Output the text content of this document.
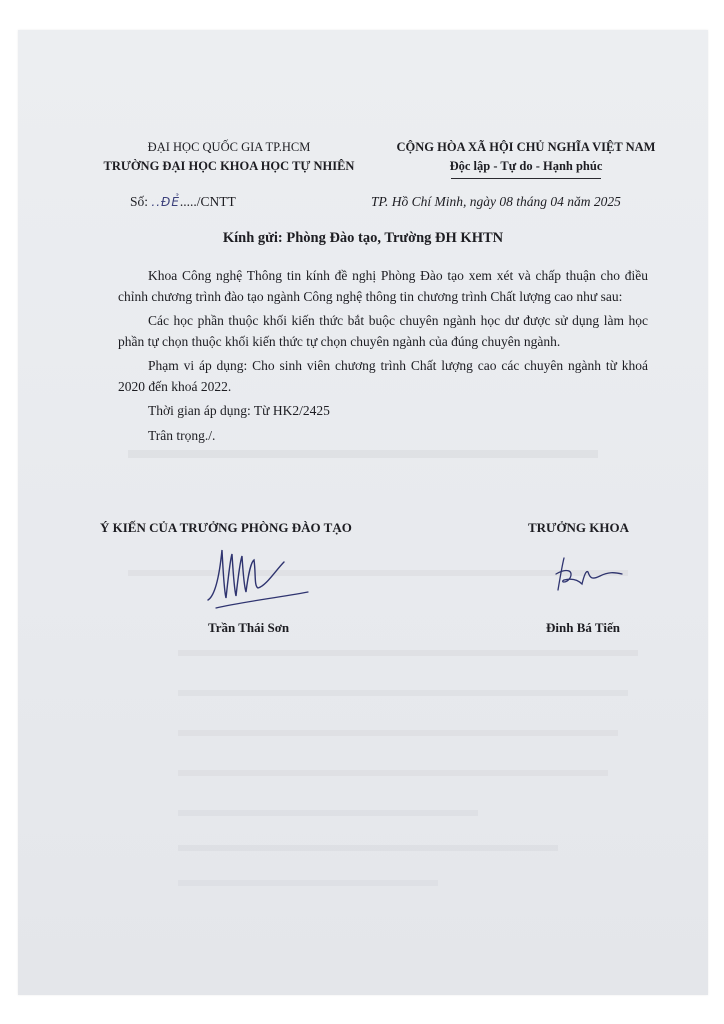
ĐẠI HỌC QUỐC GIA TP.HCM
TRƯỜNG ĐẠI HỌC KHOA HỌC TỰ NHIÊN
CỘNG HÒA XÃ HỘI CHỦ NGHĨA VIỆT NAM
Độc lập - Tự do - Hạnh phúc
Số: ..ĐẺ...../CNTT	TP. Hồ Chí Minh, ngày 08 tháng 04 năm 2025
Kính gửi: Phòng Đào tạo, Trường ĐH KHTN

Khoa Công nghệ Thông tin kính đề nghị Phòng Đào tạo xem xét và chấp thuận cho điều chỉnh chương trình đào tạo ngành Công nghệ thông tin chương trình Chất lượng cao như sau:

Các học phần thuộc khối kiến thức bắt buộc chuyên ngành học dư được sử dụng làm học phần tự chọn thuộc khối kiến thức tự chọn chuyên ngành của đúng chuyên ngành.

Phạm vi áp dụng: Cho sinh viên chương trình Chất lượng cao các chuyên ngành từ khoá 2020 đến khoá 2022.

Thời gian áp dụng: Từ HK2/2425

Trân trọng./.

Ý KIẾN CỦA TRƯỞNG PHÒNG ĐÀO TẠO	TRƯỞNG KHOA
Trần Thái Sơn	Đinh Bá Tiến
